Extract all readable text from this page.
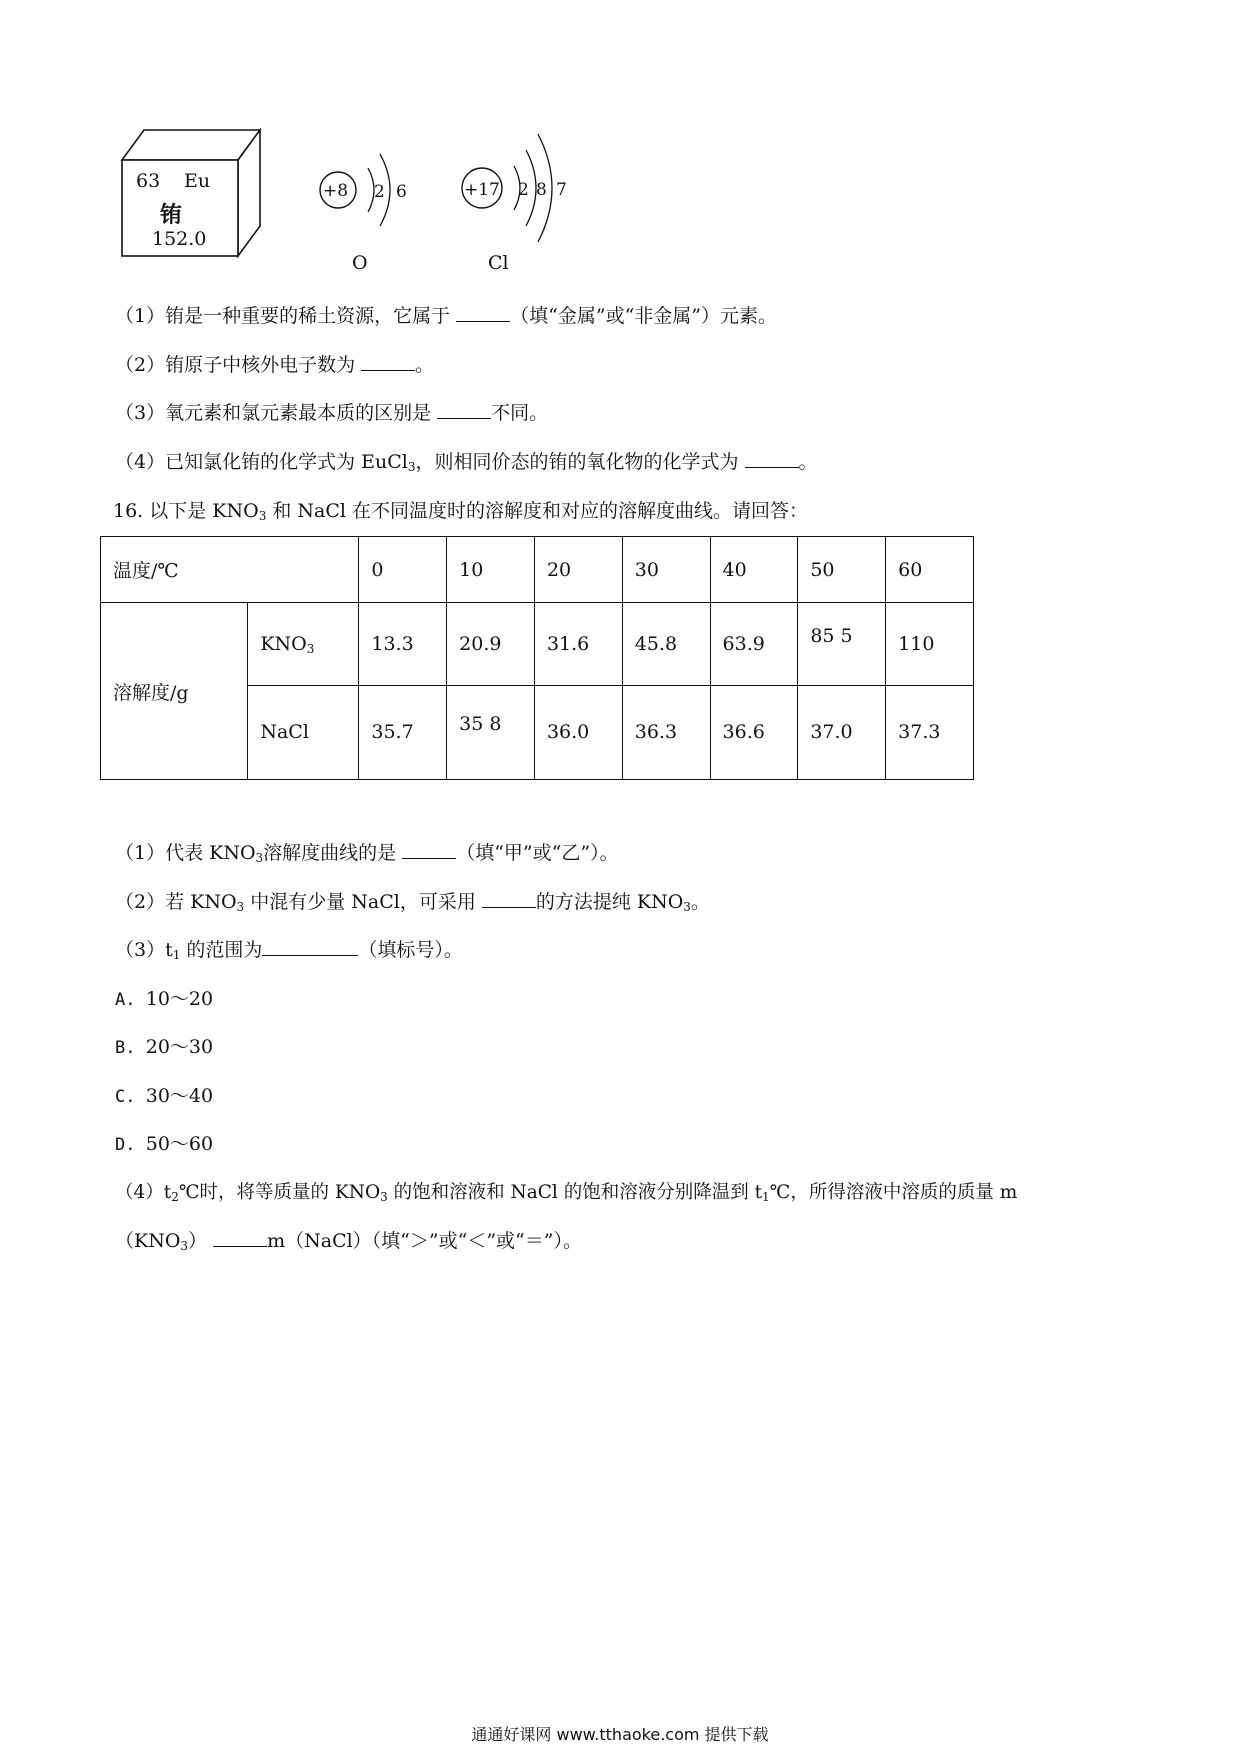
63 Eu
铕
152.0
+8 2 6
O
+17 2 8 7
Cl
（1）铕是一种重要的稀土资源，它属于	（填“金属”或“非金属”）元素。
（2）铕原子中核外电子数为	。
（3）氧元素和氯元素最本质的区别是	不同。
（4）已知氯化铕的化学式为 EuCl$_3$，则相同价态的铕的氧化物的化学式为	。
16. 以下是 $KNO_3$ 和 NaCl 在不同温度时的溶解度和对应的溶解度曲线。请回答：
温度/℃		0	10	20	30	40	50	60
溶解度/g	$KNO_3$	13.3	20.9	31.6	45.8	63.9	85 5	110
	NaCl	35.7	35 8	36.0	36.3	36.6	37.0	37.3
（1）代表 $KNO_3$溶解度曲线的是	（填“甲”或“乙”）。
（2）若 $KNO_3$ 中混有少量 NaCl，可采用	的方法提纯 $KNO_3$。
$(3)t_1$ 的范围为	（填标号）。
A. 10～20
B. 20～30
C. 30～40
D. 50～60
$(4)t_2℃$时，将等质量的 $KNO_3$ 的饱和溶液和 NaCl 的饱和溶液分别降温到 $t_1℃$，所得溶液中溶质的质量 m
$(KNO_3)$	m（NaCl）（填“＞”或“＜”或“＝”）。
通通好课网 www.tthaoke.com 提供下载
